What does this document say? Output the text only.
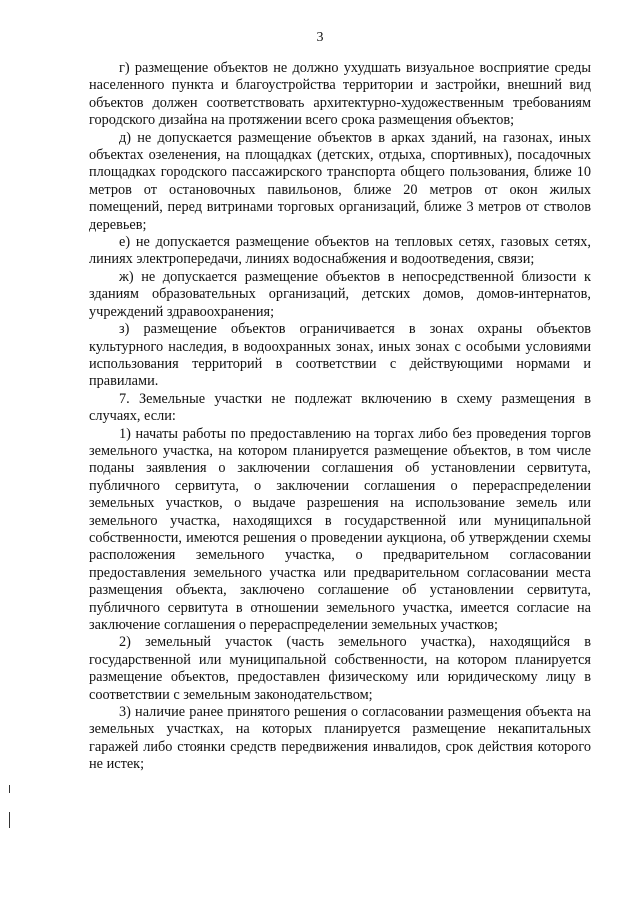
3

г) размещение объектов не должно ухудшать визуальное восприятие среды населенного пункта и благоустройства территории и застройки, внешний вид объектов должен соответствовать архитектурно-художественным требованиям городского дизайна на протяжении всего срока размещения объектов;

д) не допускается размещение объектов в арках зданий, на газонах, иных объектах озеленения, на площадках (детских, отдыха, спортивных), посадочных площадках городского пассажирского транспорта общего пользования, ближе 10 метров от остановочных павильонов, ближе 20 метров от окон жилых помещений, перед витринами торговых организаций, ближе 3 метров от стволов деревьев;

е) не допускается размещение объектов на тепловых сетях, газовых сетях, линиях электропередачи, линиях водоснабжения и водоотведения, связи;

ж) не допускается размещение объектов в непосредственной близости к зданиям образовательных организаций, детских домов, домов-интернатов, учреждений здравоохранения;

з) размещение объектов ограничивается в зонах охраны объектов культурного наследия, в водоохранных зонах, иных зонах с особыми условиями использования территорий в соответствии с действующими нормами и правилами.

7. Земельные участки не подлежат включению в схему размещения в случаях, если:

1) начаты работы по предоставлению на торгах либо без проведения торгов земельного участка, на котором планируется размещение объектов, в том числе поданы заявления о заключении соглашения об установлении сервитута, публичного сервитута, о заключении соглашения о перераспределении земельных участков, о выдаче разрешения на использование земель или земельного участка, находящихся в государственной или муниципальной собственности, имеются решения о проведении аукциона, об утверждении схемы расположения земельного участка, о предварительном согласовании предоставления земельного участка или предварительном согласовании места размещения объекта, заключено соглашение об установлении сервитута, публичного сервитута в отношении земельного участка, имеется согласие на заключение соглашения о перераспределении земельных участков;

2) земельный участок (часть земельного участка), находящийся в государственной или муниципальной собственности, на котором планируется размещение объектов, предоставлен физическому или юридическому лицу в соответствии с земельным законодательством;

3) наличие ранее принятого решения о согласовании размещения объекта на земельных участках, на которых планируется размещение некапитальных гаражей либо стоянки средств передвижения инвалидов, срок действия которого не истек;
